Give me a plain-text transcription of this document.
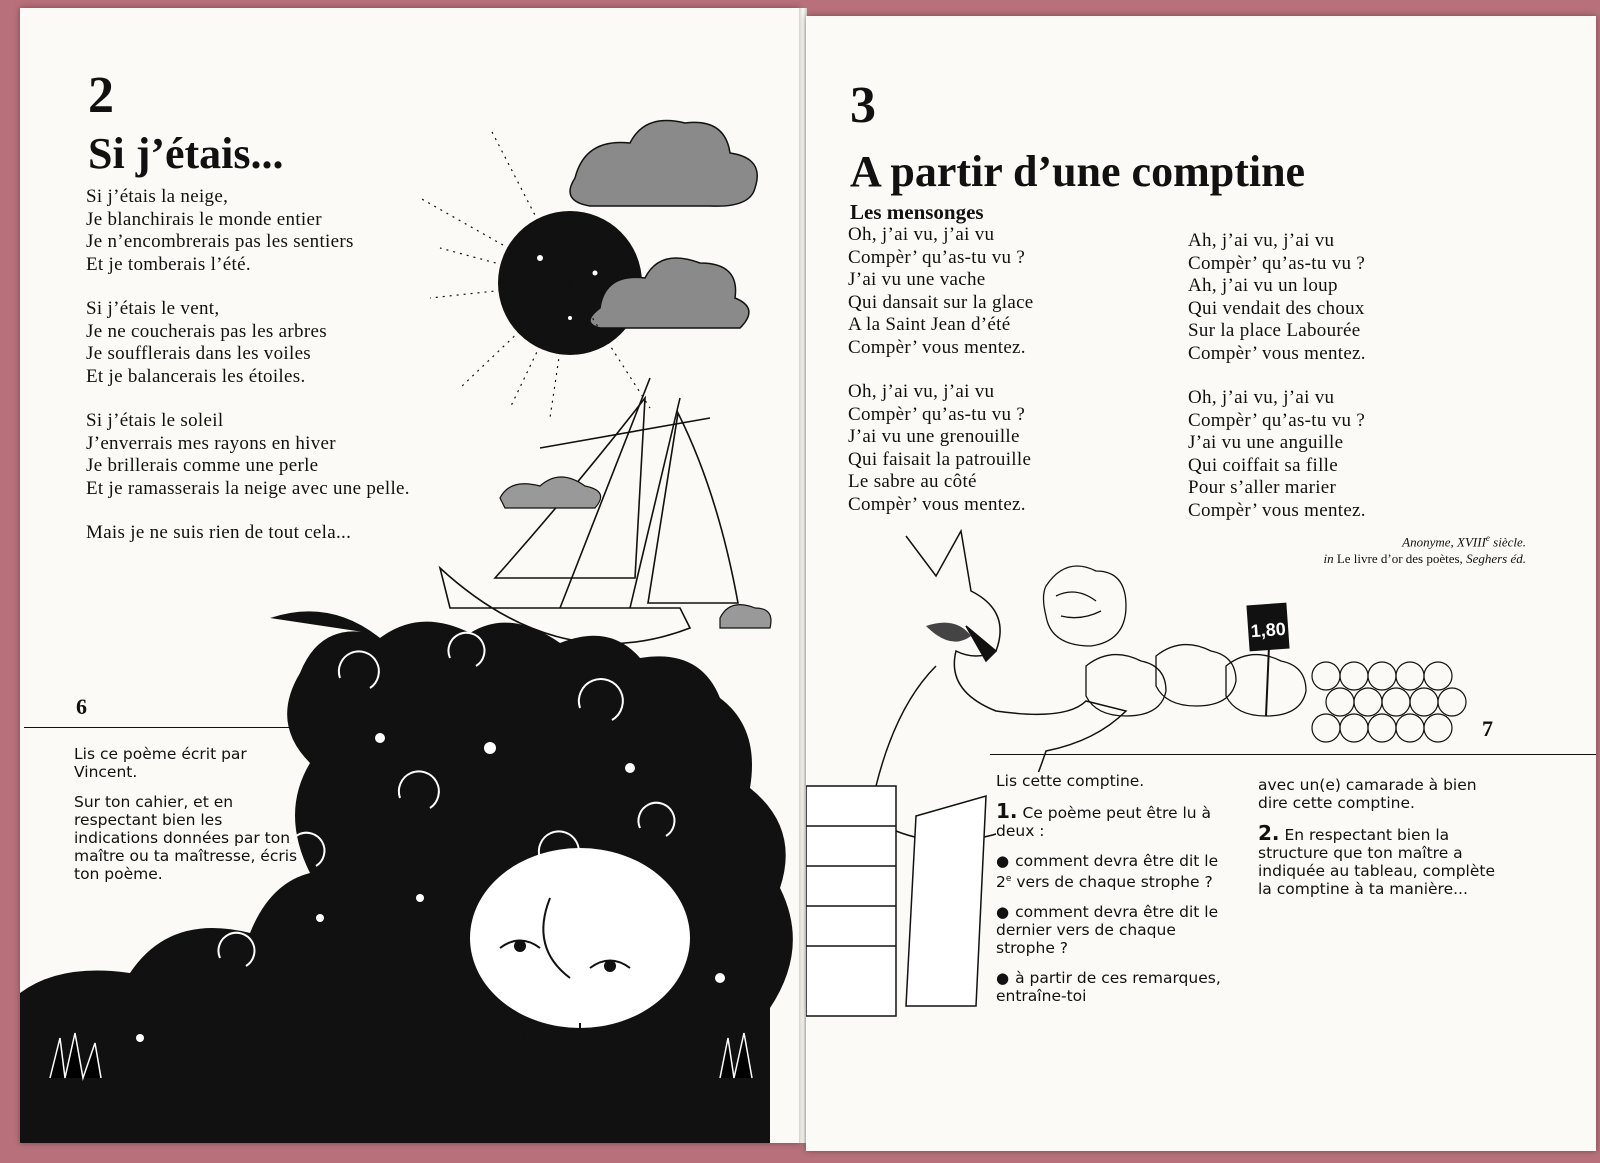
2
Si j’étais...
Si j’étais la neige,
Je blanchirais le monde entier
Je n’encombrerais pas les sentiers
Et je tomberais l’été.
Si j’étais le vent,
Je ne coucherais pas les arbres
Je soufflerais dans les voiles
Et je balancerais les étoiles.
Si j’étais le soleil
J’enverrais mes rayons en hiver
Je brillerais comme une perle
Et je ramasserais la neige avec une pelle.
Mais je ne suis rien de tout cela...
6

Lis ce poème écrit par Vincent.

Sur ton cahier, et en respectant bien les indications données par ton maître ou ta maîtresse, écris ton poème.

3
A partir d’une comptine
Les mensonges
Oh, j’ai vu, j’ai vu
Compèr’ qu’as-tu vu ?
J’ai vu une vache
Qui dansait sur la glace
A la Saint Jean d’été
Compèr’ vous mentez.
Oh, j’ai vu, j’ai vu
Compèr’ qu’as-tu vu ?
J’ai vu une grenouille
Qui faisait la patrouille
Le sabre au côté
Compèr’ vous mentez.
Ah, j’ai vu, j’ai vu
Compèr’ qu’as-tu vu ?
Ah, j’ai vu un loup
Qui vendait des choux
Sur la place Labourée
Compèr’ vous mentez.
Oh, j’ai vu, j’ai vu
Compèr’ qu’as-tu vu ?
J’ai vu une anguille
Qui coiffait sa fille
Pour s’aller marier
Compèr’ vous mentez.
Anonyme, XVIIIe siècle.
in Le livre d’or des poètes, Seghers éd.
1,80
7

Lis cette comptine.

1. Ce poème peut être lu à deux :

● comment devra être dit le 2e vers de chaque strophe ?

● comment devra être dit le dernier vers de chaque strophe ?

● à partir de ces remarques, entraîne-toi

avec un(e) camarade à bien dire cette comptine.

2. En respectant bien la structure que ton maître a indiquée au tableau, complète la comptine à ta manière...
